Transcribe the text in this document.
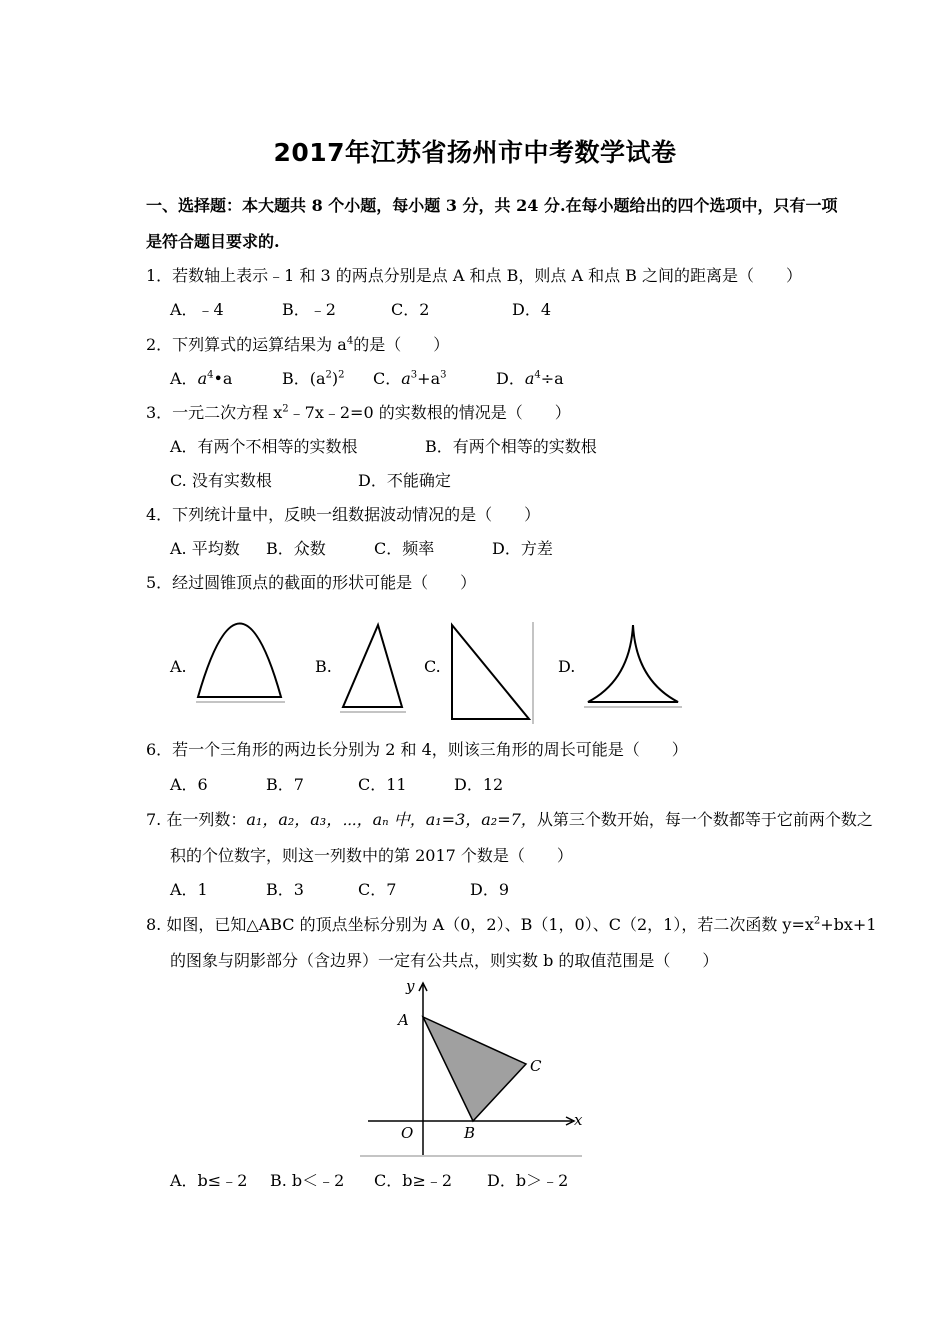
2017年江苏省扬州市中考数学试卷
一、选择题：本大题共 8 个小题，每小题 3 分，共 24 分.在每小题给出的四个选项中，只有一项
是符合题目要求的.
1．若数轴上表示﹣1 和 3 的两点分别是点 A 和点 B，则点 A 和点 B 之间的距离是（　　）
A．﹣4	B．﹣2	C．2	D．4
2．下列算式的运算结果为 $a^4$的是（　　）
A．$a^4•a$	B．$(a^2)^2$ C．$a^3+a^3$	D．$a^4\div a$
3．一元二次方程 $x^2﹣7x﹣2=0$ 的实数根的情况是（　　）
A．有两个不相等的实数根	B．有两个相等的实数根
C. 没有实数根	D．不能确定
4．下列统计量中，反映一组数据波动情况的是（　　）
A. 平均数 B．众数	C．频率	D．方差
5．经过圆锥顶点的截面的形状可能是（　　）
A.	B.	C.	D.
6．若一个三角形的两边长分别为 2 和 4，则该三角形的周长可能是（　　）
A．6	B．7	C．11	D．12
7. 在一列数：a₁，a₂，a₃，⋯，aₙ 中，a₁=3，a₂=7，从第三个数开始，每一个数都等于它前两个数之
积的个位数字，则这一列数中的第 2017 个数是（　　）
A．1	B．3	C．7	D．9
8. 如图，已知△ABC 的顶点坐标分别为 A（0，2）、B（1，0）、C（2，1），若二次函数 $y=x^2+bx+1$
的图象与阴影部分（含边界）一定有公共点，则实数 b 的取值范围是（　　）
y
x
O
A
B
C
A．b≤﹣2 B. b＜﹣2 C．b≥﹣2 D．b＞﹣2
